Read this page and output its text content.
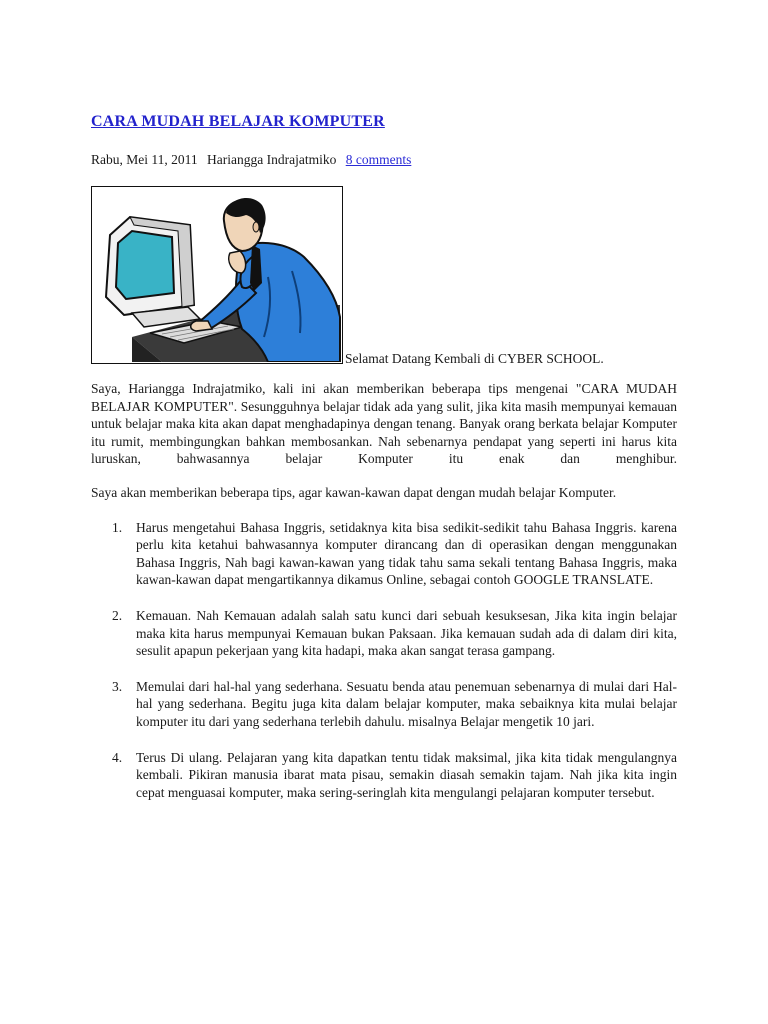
CARA MUDAH BELAJAR KOMPUTER
Rabu, Mei 11, 2011 Hariangga Indrajatmiko 8 comments
Selamat Datang Kembali di CYBER SCHOOL.

Saya, Hariangga Indrajatmiko, kali ini akan memberikan beberapa tips mengenai "CARA MUDAH BELAJAR KOMPUTER". Sesungguhnya belajar tidak ada yang sulit, jika kita masih mempunyai kemauan untuk belajar maka kita akan dapat menghadapinya dengan tenang. Banyak orang berkata belajar Komputer itu rumit, membingungkan bahkan membosankan. Nah sebenarnya pendapat yang seperti ini harus kita luruskan, bahwasannya belajar Komputer itu enak dan menghibur.

Saya akan memberikan beberapa tips, agar kawan-kawan dapat dengan mudah belajar Komputer.

1. Harus mengetahui Bahasa Inggris, setidaknya kita bisa sedikit-sedikit tahu Bahasa Inggris. karena perlu kita ketahui bahwasannya komputer dirancang dan di operasikan dengan menggunakan Bahasa Inggris, Nah bagi kawan-kawan yang tidak tahu sama sekali tentang Bahasa Inggris, maka kawan-kawan dapat mengartikannya dikamus Online, sebagai contoh GOOGLE TRANSLATE.
2. Kemauan. Nah Kemauan adalah salah satu kunci dari sebuah kesuksesan, Jika kita ingin belajar maka kita harus mempunyai Kemauan bukan Paksaan. Jika kemauan sudah ada di dalam diri kita, sesulit apapun pekerjaan yang kita hadapi, maka akan sangat terasa gampang.
3. Memulai dari hal-hal yang sederhana. Sesuatu benda atau penemuan sebenarnya di mulai dari Hal-hal yang sederhana. Begitu juga kita dalam belajar komputer, maka sebaiknya kita mulai belajar komputer itu dari yang sederhana terlebih dahulu. misalnya Belajar mengetik 10 jari.
4. Terus Di ulang. Pelajaran yang kita dapatkan tentu tidak maksimal, jika kita tidak mengulangnya kembali. Pikiran manusia ibarat mata pisau, semakin diasah semakin tajam. Nah jika kita ingin cepat menguasai komputer, maka sering-seringlah kita mengulangi pelajaran komputer tersebut.
